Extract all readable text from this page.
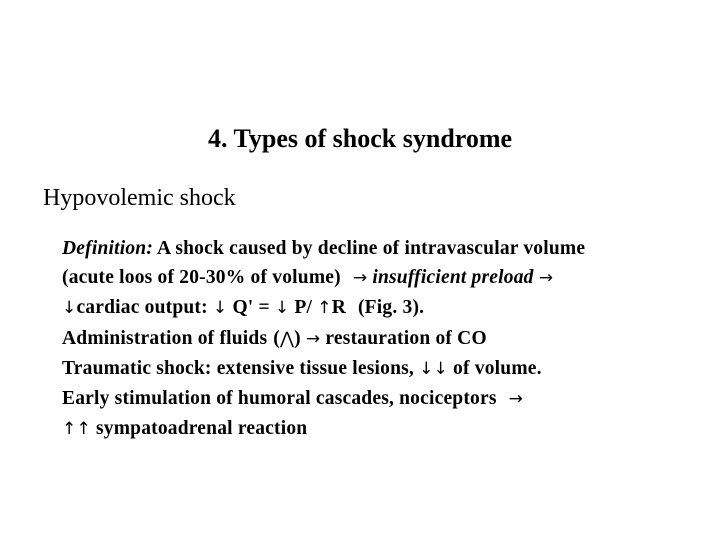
4. Types of shock syndrome
Hypovolemic shock
Definition: A shock caused by decline of intravascular volume
(acute loos of 20-30% of volume) → insufficient preload →
↓cardiac output: ↓ Q' = ↓ P/ ↑R (Fig. 3).
Administration of fluids (⋀) → restauration of CO
Traumatic shock: extensive tissue lesions, ↓↓ of volume.
Early stimulation of humoral cascades, nociceptors →
↑↑ sympatoadrenal reaction
